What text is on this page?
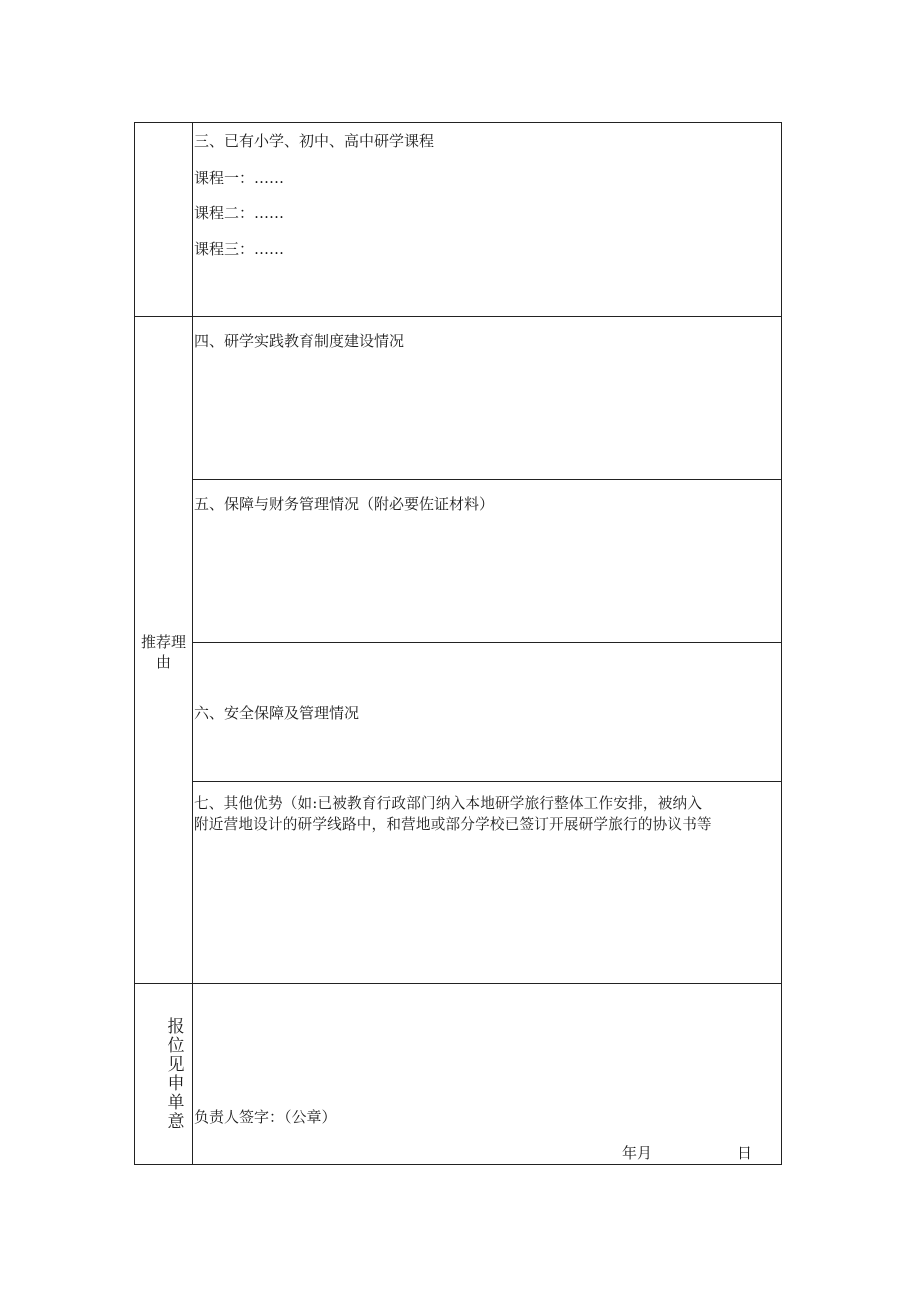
三、已有小学、初中、高中研学课程
课程一：……
课程二：……
课程三：……
推荐理
由
四、研学实践教育制度建设情况
五、保障与财务管理情况（附必要佐证材料）
六、安全保障及管理情况
七、其他优势（如:已被教育行政部门纳入本地研学旅行整体工作安排，被纳入
附近营地设计的研学线路中，和营地或部分学校已签订开展研学旅行的协议书等
报
位
见
申
单
意 负责人签字：（公章）
年月	日
